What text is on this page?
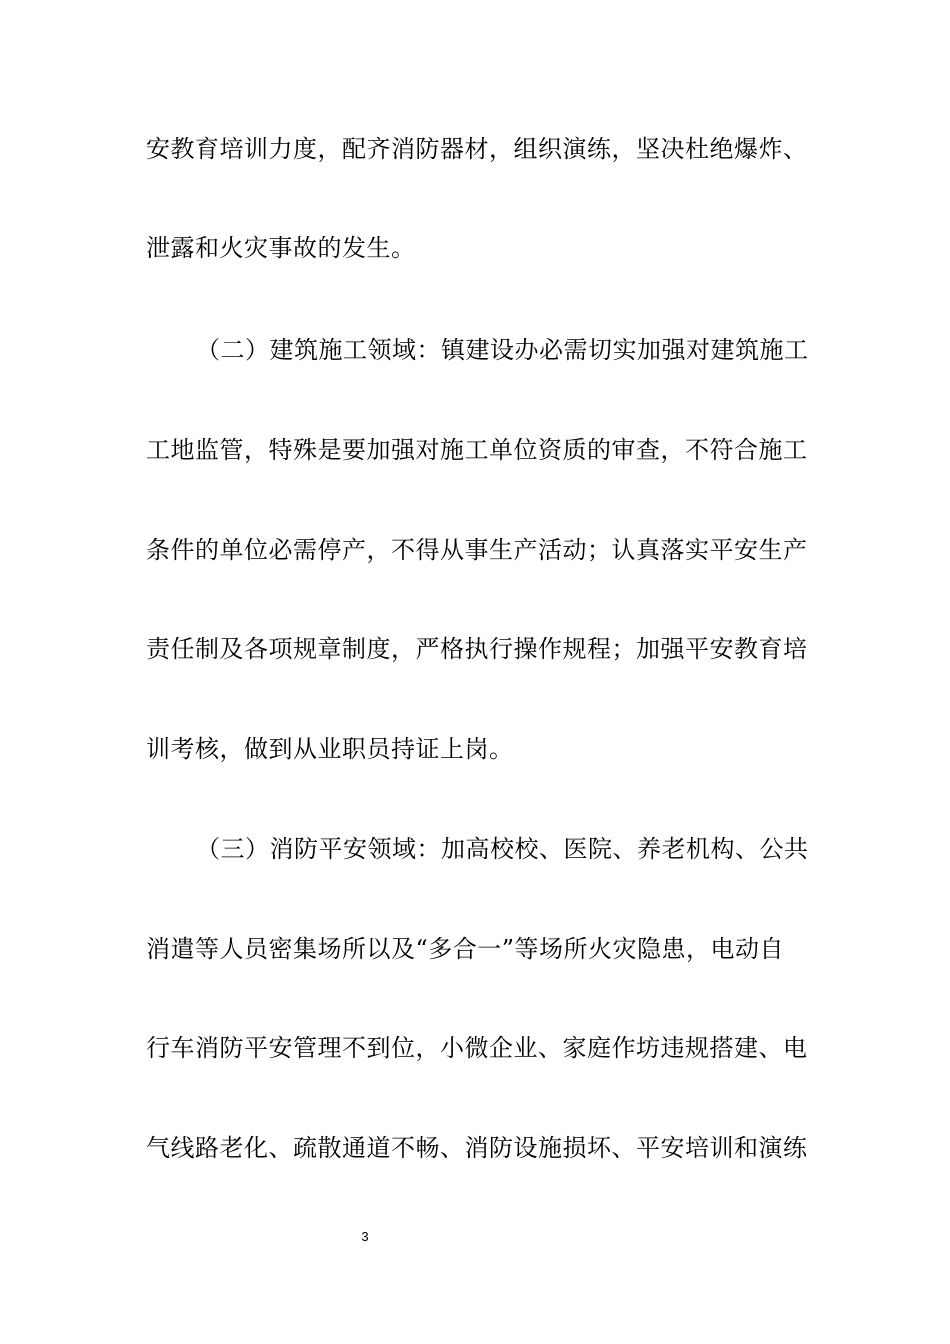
安教育培训力度，配齐消防器材，组织演练，坚决杜绝爆炸、
泄露和火灾事故的发生。
（二）建筑施工领域：镇建设办必需切实加强对建筑施工
工地监管，特殊是要加强对施工单位资质的审查，不符合施工
条件的单位必需停产，不得从事生产活动；认真落实平安生产
责任制及各项规章制度，严格执行操作规程；加强平安教育培
训考核，做到从业职员持证上岗。
（三）消防平安领域：加高校校、医院、养老机构、公共
消遣等人员密集场所以及“多合一”等场所火灾隐患，电动自
行车消防平安管理不到位，小微企业、家庭作坊违规搭建、电
气线路老化、疏散通道不畅、消防设施损坏、平安培训和演练
3
